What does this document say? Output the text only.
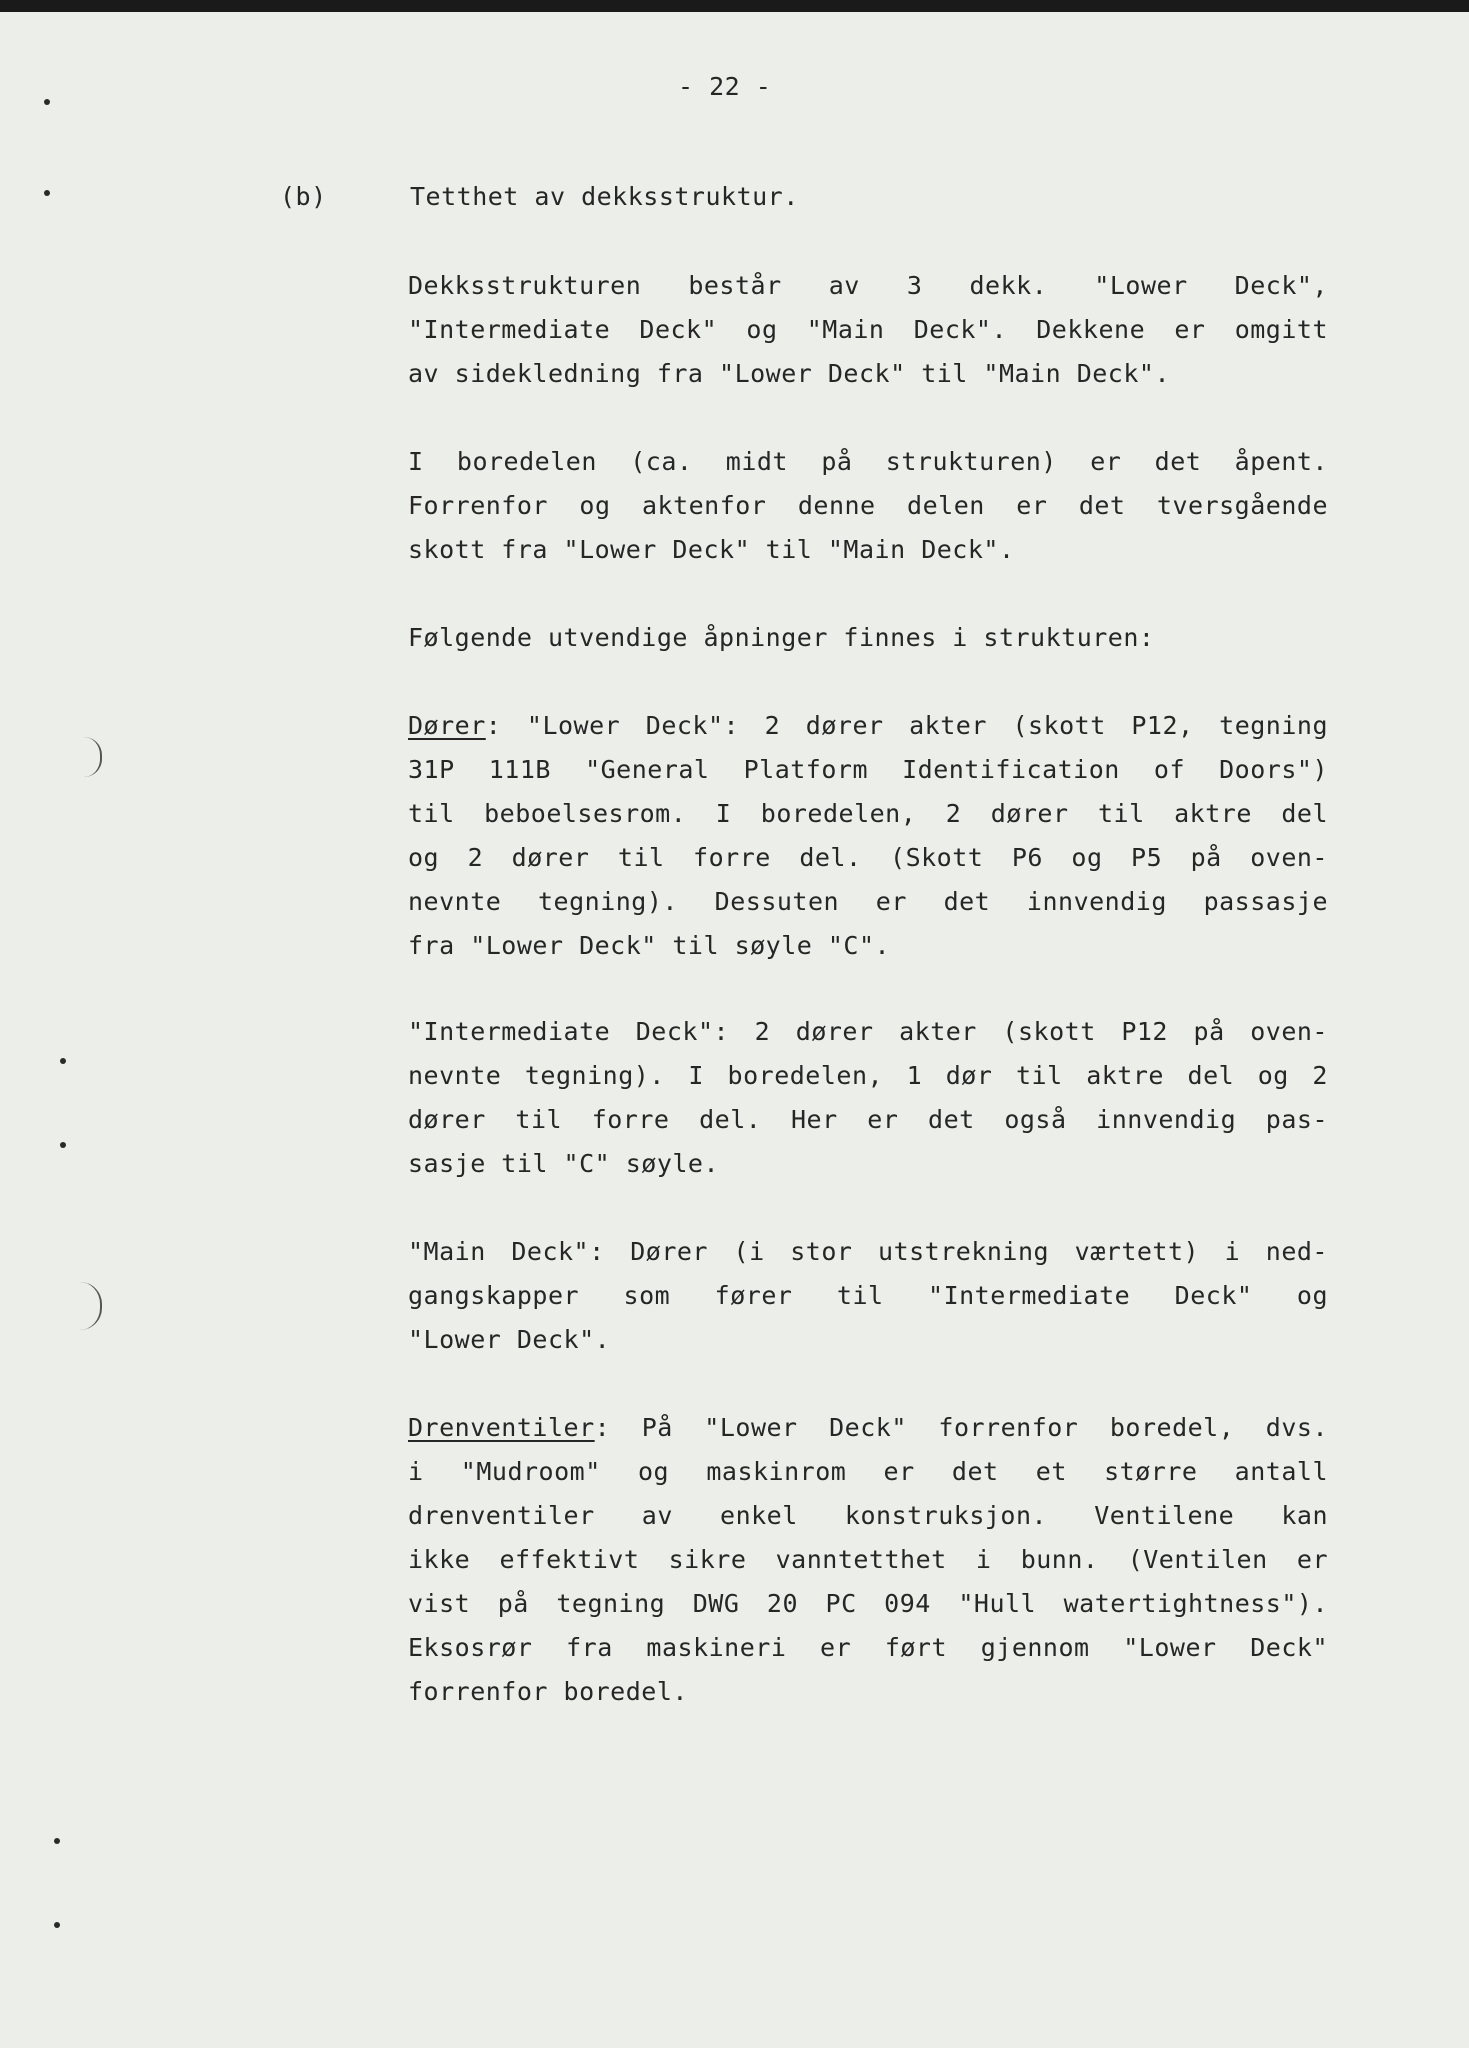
- 22 -

(b)	Tetthet av dekksstruktur.

Dekksstrukturen består av 3 dekk. "Lower Deck",
"Intermediate Deck" og "Main Deck". Dekkene er omgitt
av sidekledning fra "Lower Deck" til "Main Deck".
I boredelen (ca. midt på strukturen) er det åpent.
Forrenfor og aktenfor denne delen er det tversgående
skott fra "Lower Deck" til "Main Deck".
Følgende utvendige åpninger finnes i strukturen:
Dører: "Lower Deck": 2 dører akter (skott P12, tegning
31P 111B "General Platform Identification of Doors")
til beboelsesrom. I boredelen, 2 dører til aktre del
og 2 dører til forre del. (Skott P6 og P5 på oven-
nevnte tegning). Dessuten er det innvendig passasje
fra "Lower Deck" til søyle "C".
"Intermediate Deck": 2 dører akter (skott P12 på oven-
nevnte tegning). I boredelen, 1 dør til aktre del og 2
dører til forre del. Her er det også innvendig pas-
sasje til "C" søyle.
"Main Deck": Dører (i stor utstrekning værtett) i ned-
gangskapper som fører til "Intermediate Deck" og
"Lower Deck".
Drenventiler: På "Lower Deck" forrenfor boredel, dvs.
i "Mudroom" og maskinrom er det et større antall
drenventiler av enkel konstruksjon. Ventilene kan
ikke effektivt sikre vanntetthet i bunn. (Ventilen er
vist på tegning DWG 20 PC 094 "Hull watertightness").
Eksosrør fra maskineri er ført gjennom "Lower Deck"
forrenfor boredel.
